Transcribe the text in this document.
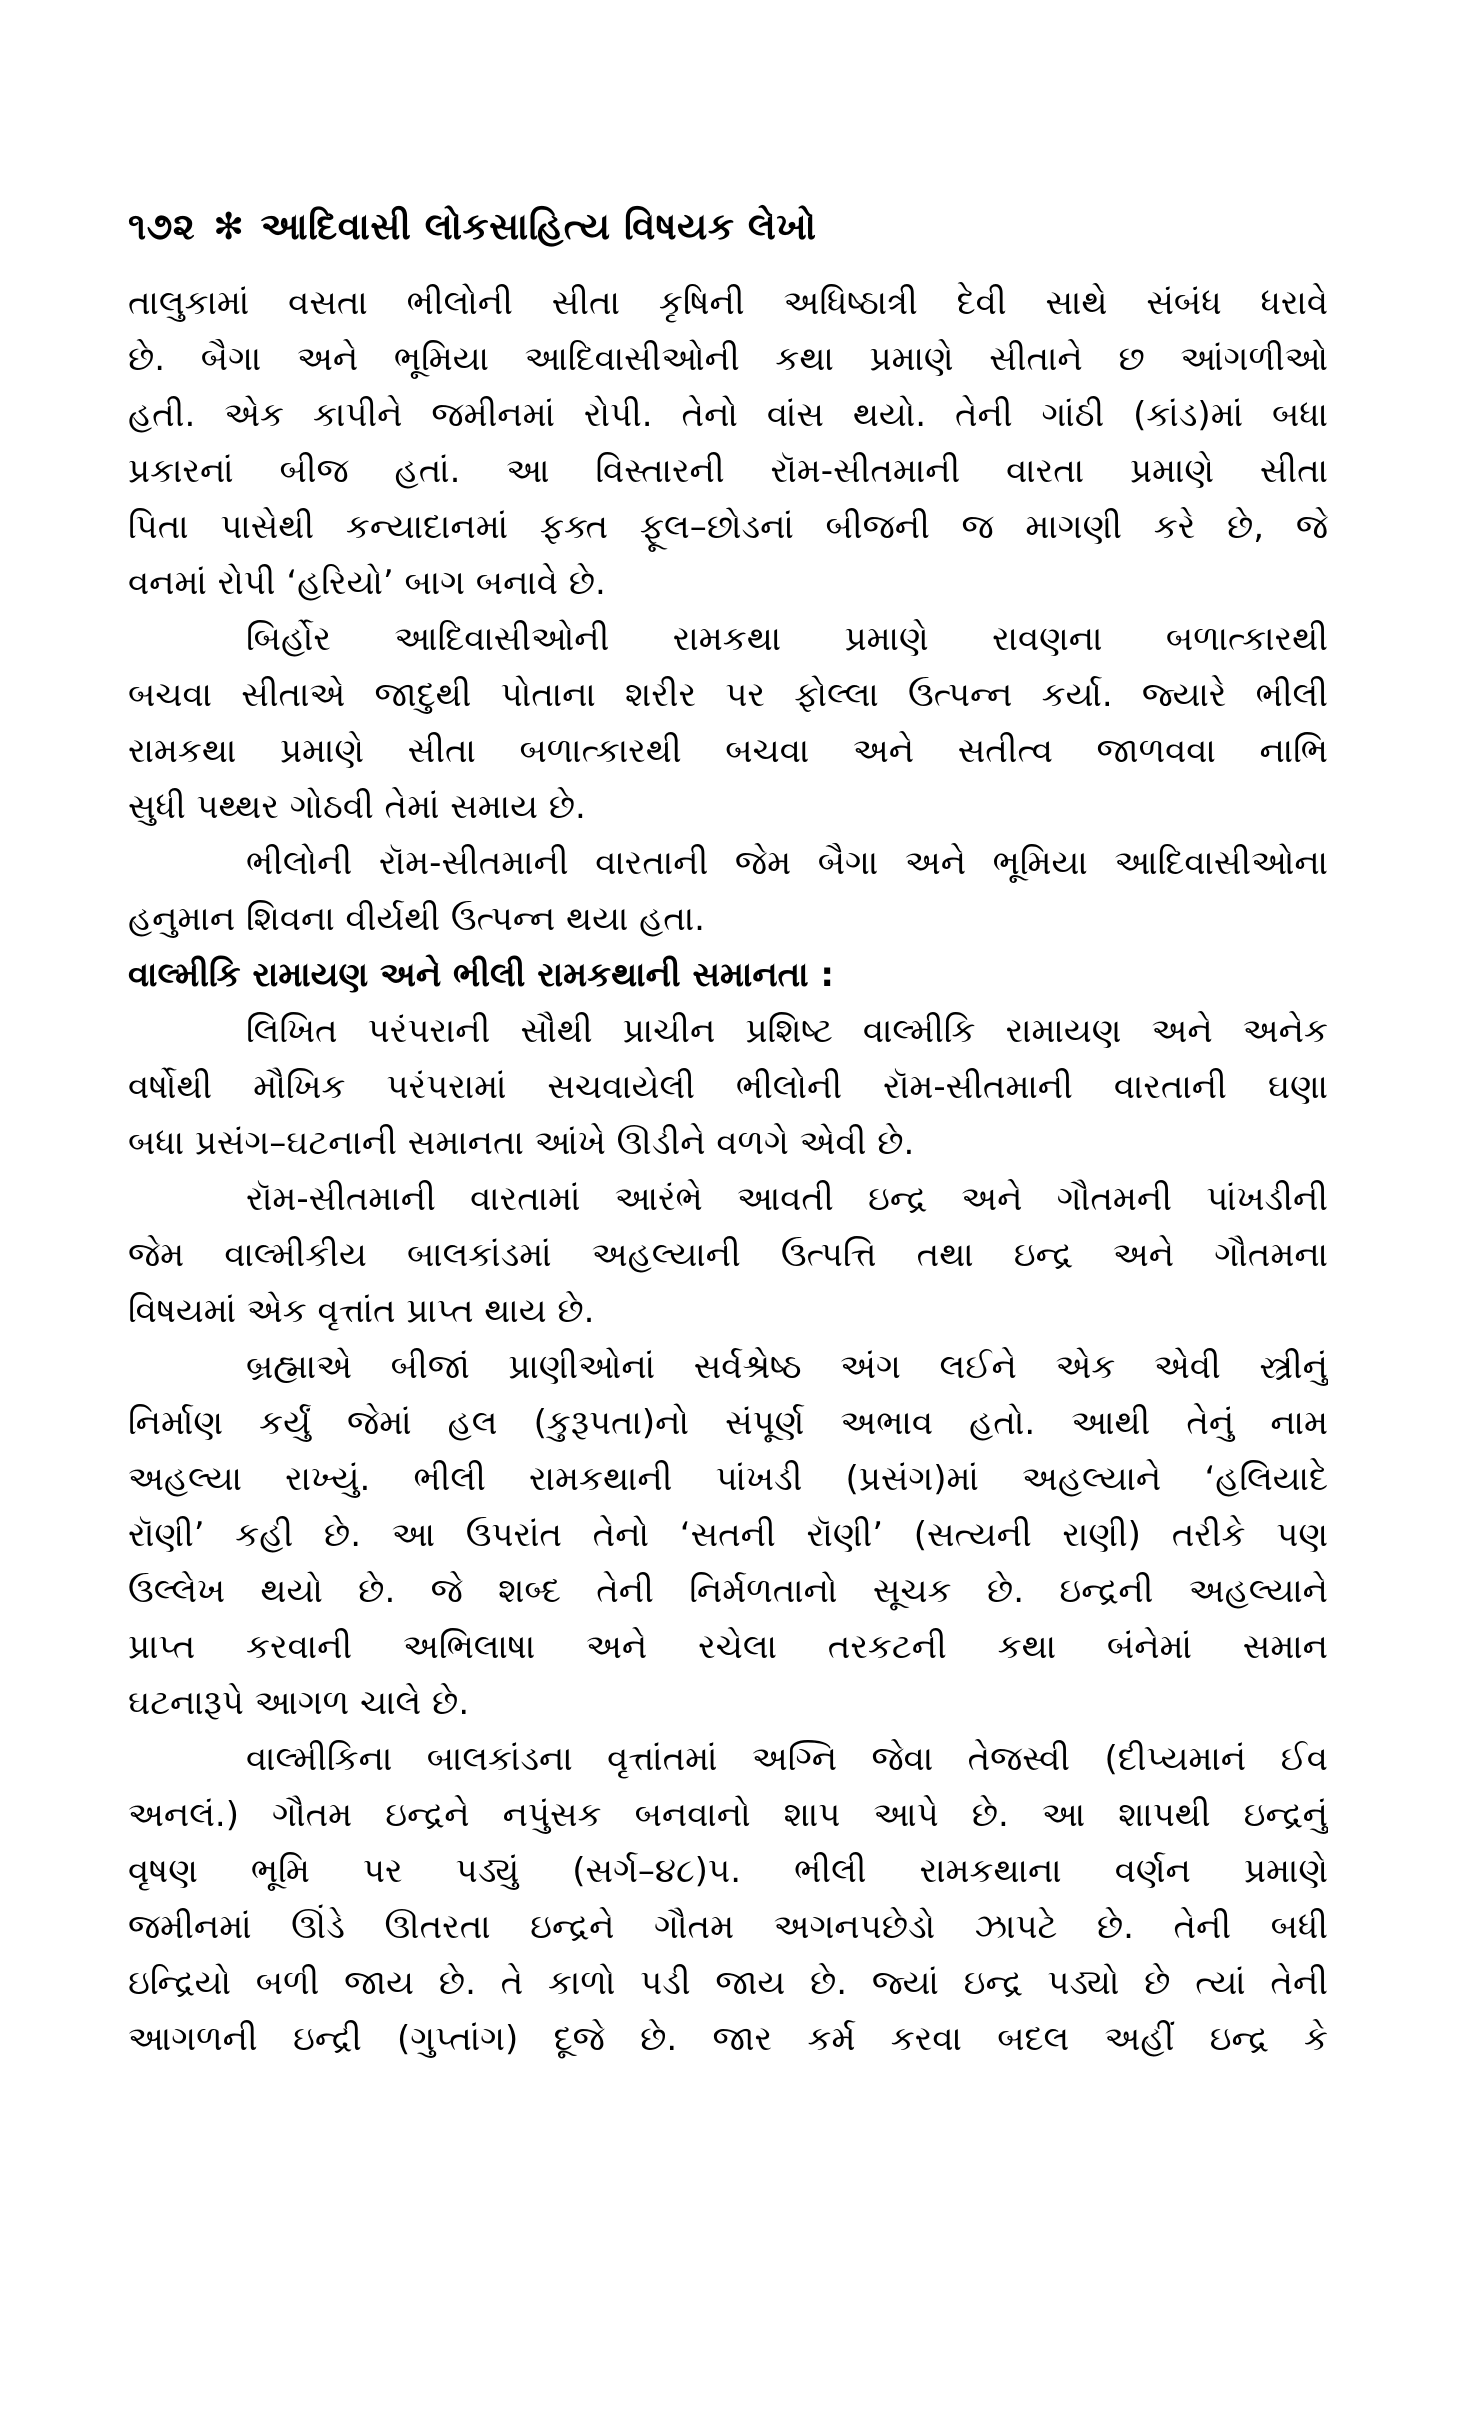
૧૭૨ ✻ આદિવાસી લોકસાહિત્ય વિષયક લેખો
તાલુકામાં વસતા ભીલોની સીતા કૃષિની અધિષ્ઠાત્રી દેવી સાથે સંબંધ ધરાવે
છે. બૈગા અને ભૂમિયા આદિવાસીઓની કથા પ્રમાણે સીતાને છ આંગળીઓ
હતી. એક કાપીને જમીનમાં રોપી. તેનો વાંસ થયો. તેની ગાંઠી (કાંડ)માં બધા
પ્રકારનાં બીજ હતાં. આ વિસ્તારની રૉમ-સીતમાની વારતા પ્રમાણે સીતા
પિતા પાસેથી કન્યાદાનમાં ફક્ત ફૂલ–છોડનાં બીજની જ માગણી કરે છે, જે
વનમાં રોપી ‘હરિયો’ બાગ બનાવે છે.
બિર્હોર આદિવાસીઓની રામકથા પ્રમાણે રાવણના બળાત્કારથી
બચવા સીતાએ જાદુથી પોતાના શરીર પર ફોલ્લા ઉત્પન્ન કર્યા. જ્યારે ભીલી
રામકથા પ્રમાણે સીતા બળાત્કારથી બચવા અને સતીત્વ જાળવવા નાભિ
સુધી પથ્થર ગોઠવી તેમાં સમાય છે.
ભીલોની રૉમ-સીતમાની વારતાની જેમ બૈગા અને ભૂમિયા આદિવાસીઓના
હનુમાન શિવના વીર્યથી ઉત્પન્ન થયા હતા.
વાલ્મીકિ રામાયણ અને ભીલી રામકથાની સમાનતા :
લિખિત પરંપરાની સૌથી પ્રાચીન પ્રશિષ્ટ વાલ્મીકિ રામાયણ અને અનેક
વર્ષોથી મૌખિક પરંપરામાં સચવાયેલી ભીલોની રૉમ-સીતમાની વારતાની ઘણા
બધા પ્રસંગ–ઘટનાની સમાનતા આંખે ઊડીને વળગે એવી છે.
રૉમ-સીતમાની વારતામાં આરંભે આવતી ઇન્દ્ર અને ગૌતમની પાંખડીની
જેમ વાલ્મીકીય બાલકાંડમાં અહલ્યાની ઉત્પત્તિ તથા ઇન્દ્ર અને ગૌતમના
વિષયમાં એક વૃત્તાંત પ્રાપ્ત થાય છે.
બ્રહ્માએ બીજાં પ્રાણીઓનાં સર્વશ્રેષ્ઠ અંગ લઈને એક એવી સ્ત્રીનું
નિર્માણ કર્યું જેમાં હલ (કુરૂપતા)નો સંપૂર્ણ અભાવ હતો. આથી તેનું નામ
અહલ્યા રાખ્યું. ભીલી રામકથાની પાંખડી (પ્રસંગ)માં અહલ્યાને ‘હલિયાદે
રૉણી’ કહી છે. આ ઉપરાંત તેનો ‘સતની રૉણી’ (સત્યની રાણી) તરીકે પણ
ઉલ્લેખ થયો છે. જે શબ્દ તેની નિર્મળતાનો સૂચક છે. ઇન્દ્રની અહલ્યાને
પ્રાપ્ત કરવાની અભિલાષા અને રચેલા તરકટની કથા બંનેમાં સમાન
ઘટનારૂપે આગળ ચાલે છે.
વાલ્મીકિના બાલકાંડના વૃત્તાંતમાં અગ્નિ જેવા તેજસ્વી (દીપ્યમાનં ઈવ
અનલં.) ગૌતમ ઇન્દ્રને નપુંસક બનવાનો શાપ આપે છે. આ શાપથી ઇન્દ્રનું
વૃષણ ભૂમિ પર પડ્યું (સર્ગ–૪૮)૫. ભીલી રામકથાના વર્ણન પ્રમાણે
જમીનમાં ઊંડે ઊતરતા ઇન્દ્રને ગૌતમ અગનપછેડો ઝાપટે છે. તેની બધી
ઇન્દ્રિયો બળી જાય છે. તે કાળો પડી જાય છે. જ્યાં ઇન્દ્ર પડ્યો છે ત્યાં તેની
આગળની ઇન્દ્રી (ગુપ્તાંગ) દૂજે છે. જાર કર્મ કરવા બદલ અહીં ઇન્દ્ર કે
